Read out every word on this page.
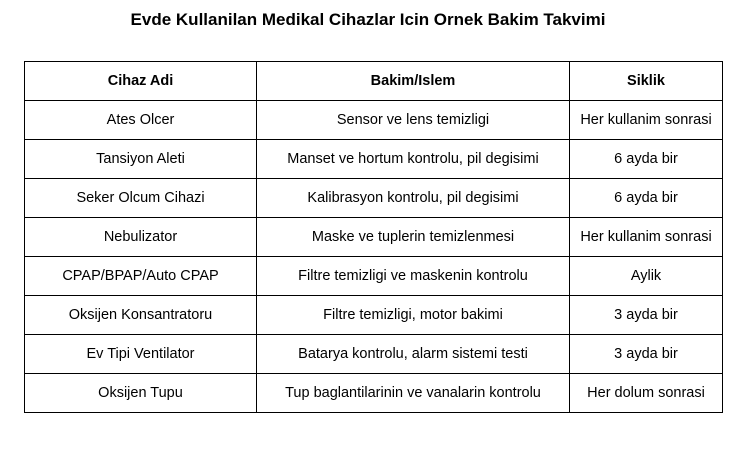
Evde Kullanilan Medikal Cihazlar Icin Ornek Bakim Takvimi
Cihaz Adi	Bakim/Islem	Siklik
Ates Olcer	Sensor ve lens temizligi	Her kullanim sonrasi
Tansiyon Aleti	Manset ve hortum kontrolu, pil degisimi	6 ayda bir
Seker Olcum Cihazi	Kalibrasyon kontrolu, pil degisimi	6 ayda bir
Nebulizator	Maske ve tuplerin temizlenmesi	Her kullanim sonrasi
CPAP/BPAP/Auto CPAP	Filtre temizligi ve maskenin kontrolu	Aylik
Oksijen Konsantratoru	Filtre temizligi, motor bakimi	3 ayda bir
Ev Tipi Ventilator	Batarya kontrolu, alarm sistemi testi	3 ayda bir
Oksijen Tupu	Tup baglantilarinin ve vanalarin kontrolu	Her dolum sonrasi
